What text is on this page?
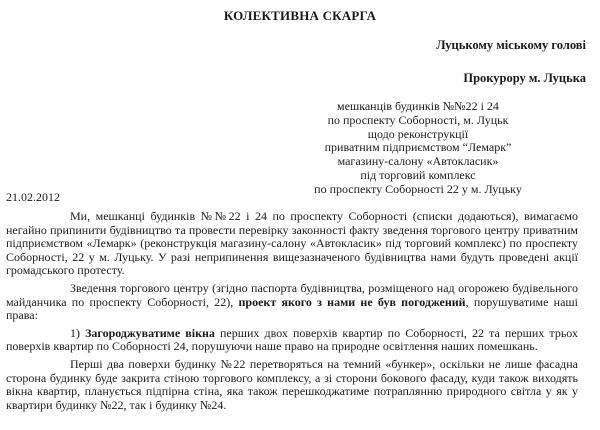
КОЛЕКТИВНА СКАРГА
Луцькому міському голові
Прокурору м. Луцька
мешканців будинків №№22 і 24
по проспекту Соборності, м. Луцьк
щодо реконструкції
приватним підприємством “Лемарк”
магазину-салону «Автокласик»
під торговий комплекс
по проспекту Соборності 22 у м. Луцьку
21.02.2012

Ми, мешканці будинків №№22 і 24 по проспекту Соборності (списки додаються), вимагаємо негайно припинити будівництво та провести перевірку законності факту зведення торгового центру приватним підприємством «Лемарк» (реконструкція магазину-салону «Автокласик» під торговий комплекс) по проспекту Соборності, 22 у м. Луцьку. У разі неприпинення вищезазначеного будівництва нами будуть проведені акції громадського протесту.

Зведення торгового центру (згідно паспорта будівництва, розміщеного над огорожею будівельного майданчика по проспекту Соборності, 22), проект якого з нами не був погоджений, порушуватиме наші права:

1) Загороджуватиме вікна перших двох поверхів квартир по Соборності, 22 та перших трьох поверхів квартир по Соборності 24, порушуючи наше право на природне освітлення наших помешкань.

Перші два поверхи будинку №22 перетворяться на темний «бункер», оскільки не лише фасадна сторона будинку буде закрита стіною торгового комплексу, а зі сторони бокового фасаду, куди також виходять вікна квартир, планується підпірна стіна, яка також перешкоджатиме потраплянню природного світла у як у квартири будинку №22, так і будинку №24.
